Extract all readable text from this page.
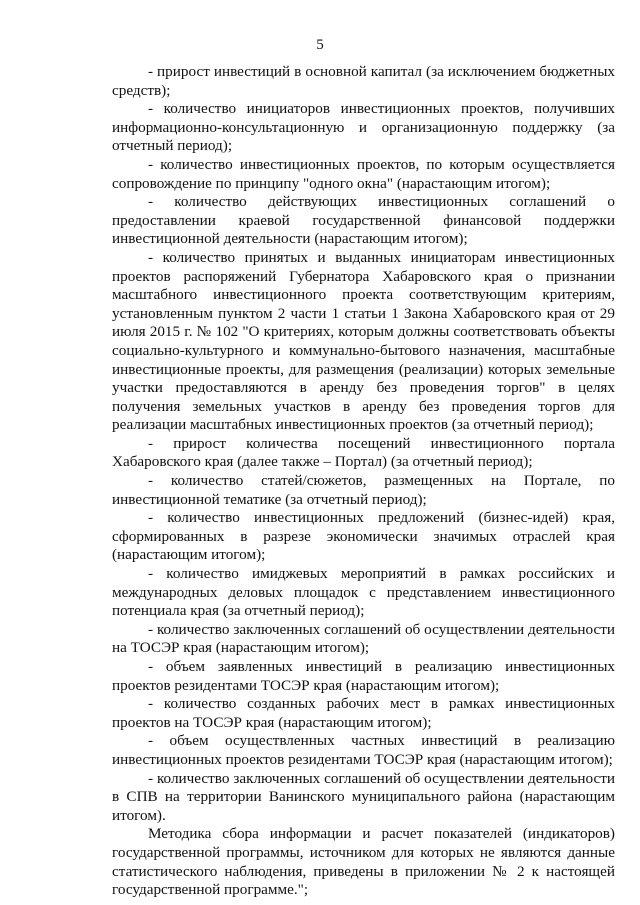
5

- прирост инвестиций в основной капитал (за исключением бюджетных средств);

- количество инициаторов инвестиционных проектов, получивших информационно-консультационную и организационную поддержку (за отчетный период);

- количество инвестиционных проектов, по которым осуществляется сопровождение по принципу "одного окна" (нарастающим итогом);

- количество действующих инвестиционных соглашений о предоставлении краевой государственной финансовой поддержки инвестиционной деятельности (нарастающим итогом);

- количество принятых и выданных инициаторам инвестиционных проектов распоряжений Губернатора Хабаровского края о признании масштабного инвестиционного проекта соответствующим критериям, установленным пунктом 2 части 1 статьи 1 Закона Хабаровского края от 29 июля 2015 г. № 102 "О критериях, которым должны соответствовать объекты социально-культурного и коммунально-бытового назначения, масштабные инвестиционные проекты, для размещения (реализации) которых земельные участки предоставляются в аренду без проведения торгов" в целях получения земельных участков в аренду без проведения торгов для реализации масштабных инвестиционных проектов (за отчетный период);

- прирост количества посещений инвестиционного портала Хабаровского края (далее также – Портал) (за отчетный период);

- количество статей/сюжетов, размещенных на Портале, по инвестиционной тематике (за отчетный период);

- количество инвестиционных предложений (бизнес-идей) края, сформированных в разрезе экономически значимых отраслей края (нарастающим итогом);

- количество имиджевых мероприятий в рамках российских и международных деловых площадок с представлением инвестиционного потенциала края (за отчетный период);

- количество заключенных соглашений об осуществлении деятельности на ТОСЭР края (нарастающим итогом);

- объем заявленных инвестиций в реализацию инвестиционных проектов резидентами ТОСЭР края (нарастающим итогом);

- количество созданных рабочих мест в рамках инвестиционных проектов на ТОСЭР края (нарастающим итогом);

- объем осуществленных частных инвестиций в реализацию инвестиционных проектов резидентами ТОСЭР края (нарастающим итогом);

- количество заключенных соглашений об осуществлении деятельности в СПВ на территории Ванинского муниципального района (нарастающим итогом).

Методика сбора информации и расчет показателей (индикаторов) государственной программы, источником для которых не являются данные статистического наблюдения, приведены в приложении № 2 к настоящей государственной программе.";
